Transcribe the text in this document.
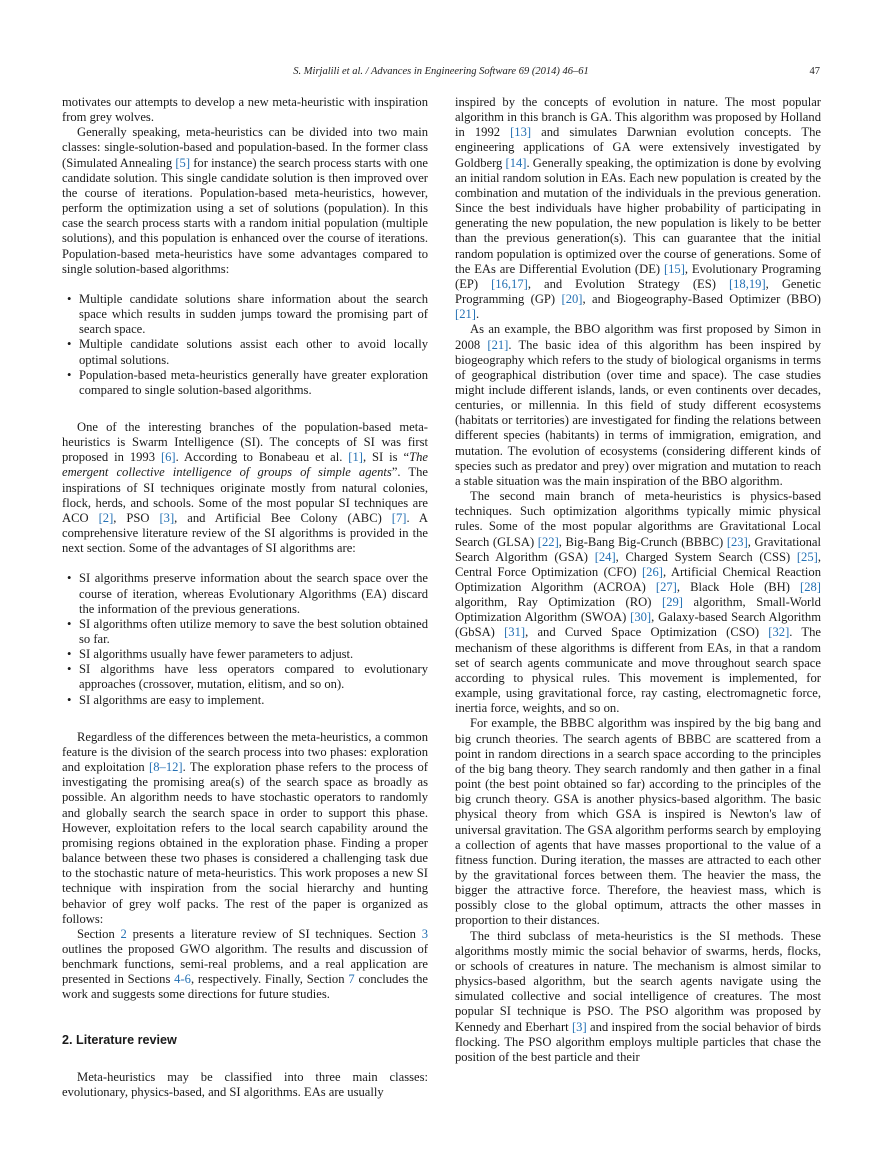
S. Mirjalili et al. / Advances in Engineering Software 69 (2014) 46–61	47

motivates our attempts to develop a new meta-heuristic with inspiration from grey wolves.

Generally speaking, meta-heuristics can be divided into two main classes: single-solution-based and population-based. In the former class (Simulated Annealing [5] for instance) the search process starts with one candidate solution. This single candidate solution is then improved over the course of iterations. Population-based meta-heuristics, however, perform the optimization using a set of solutions (population). In this case the search process starts with a random initial population (multiple solutions), and this population is enhanced over the course of iterations. Population-based meta-heuristics have some advantages compared to single solution-based algorithms:

• Multiple candidate solutions share information about the search space which results in sudden jumps toward the promising part of search space.
• Multiple candidate solutions assist each other to avoid locally optimal solutions.
• Population-based meta-heuristics generally have greater exploration compared to single solution-based algorithms.

One of the interesting branches of the population-based meta-heuristics is Swarm Intelligence (SI). The concepts of SI was first proposed in 1993 [6]. According to Bonabeau et al. [1], SI is “The emergent collective intelligence of groups of simple agents”. The inspirations of SI techniques originate mostly from natural colonies, flock, herds, and schools. Some of the most popular SI techniques are ACO [2], PSO [3], and Artificial Bee Colony (ABC) [7]. A comprehensive literature review of the SI algorithms is provided in the next section. Some of the advantages of SI algorithms are:

• SI algorithms preserve information about the search space over the course of iteration, whereas Evolutionary Algorithms (EA) discard the information of the previous generations.
• SI algorithms often utilize memory to save the best solution obtained so far.
• SI algorithms usually have fewer parameters to adjust.
• SI algorithms have less operators compared to evolutionary approaches (crossover, mutation, elitism, and so on).
• SI algorithms are easy to implement.

Regardless of the differences between the meta-heuristics, a common feature is the division of the search process into two phases: exploration and exploitation [8–12]. The exploration phase refers to the process of investigating the promising area(s) of the search space as broadly as possible. An algorithm needs to have stochastic operators to randomly and globally search the search space in order to support this phase. However, exploitation refers to the local search capability around the promising regions obtained in the exploration phase. Finding a proper balance between these two phases is considered a challenging task due to the stochastic nature of meta-heuristics. This work proposes a new SI technique with inspiration from the social hierarchy and hunting behavior of grey wolf packs. The rest of the paper is organized as follows:

Section 2 presents a literature review of SI techniques. Section 3 outlines the proposed GWO algorithm. The results and discussion of benchmark functions, semi-real problems, and a real application are presented in Sections 4-6, respectively. Finally, Section 7 concludes the work and suggests some directions for future studies.

2. Literature review

Meta-heuristics may be classified into three main classes: evolutionary, physics-based, and SI algorithms. EAs are usually

inspired by the concepts of evolution in nature. The most popular algorithm in this branch is GA. This algorithm was proposed by Holland in 1992 [13] and simulates Darwnian evolution concepts. The engineering applications of GA were extensively investigated by Goldberg [14]. Generally speaking, the optimization is done by evolving an initial random solution in EAs. Each new population is created by the combination and mutation of the individuals in the previous generation. Since the best individuals have higher probability of participating in generating the new population, the new population is likely to be better than the previous generation(s). This can guarantee that the initial random population is optimized over the course of generations. Some of the EAs are Differential Evolution (DE) [15], Evolutionary Programing (EP) [16,17], and Evolution Strategy (ES) [18,19], Genetic Programming (GP) [20], and Biogeography-Based Optimizer (BBO) [21].

As an example, the BBO algorithm was first proposed by Simon in 2008 [21]. The basic idea of this algorithm has been inspired by biogeography which refers to the study of biological organisms in terms of geographical distribution (over time and space). The case studies might include different islands, lands, or even continents over decades, centuries, or millennia. In this field of study different ecosystems (habitats or territories) are investigated for finding the relations between different species (habitants) in terms of immigration, emigration, and mutation. The evolution of ecosystems (considering different kinds of species such as predator and prey) over migration and mutation to reach a stable situation was the main inspiration of the BBO algorithm.

The second main branch of meta-heuristics is physics-based techniques. Such optimization algorithms typically mimic physical rules. Some of the most popular algorithms are Gravitational Local Search (GLSA) [22], Big-Bang Big-Crunch (BBBC) [23], Gravitational Search Algorithm (GSA) [24], Charged System Search (CSS) [25], Central Force Optimization (CFO) [26], Artificial Chemical Reaction Optimization Algorithm (ACROA) [27], Black Hole (BH) [28] algorithm, Ray Optimization (RO) [29] algorithm, Small-World Optimization Algorithm (SWOA) [30], Galaxy-based Search Algorithm (GbSA) [31], and Curved Space Optimization (CSO) [32]. The mechanism of these algorithms is different from EAs, in that a random set of search agents communicate and move throughout search space according to physical rules. This movement is implemented, for example, using gravitational force, ray casting, electromagnetic force, inertia force, weights, and so on.

For example, the BBBC algorithm was inspired by the big bang and big crunch theories. The search agents of BBBC are scattered from a point in random directions in a search space according to the principles of the big bang theory. They search randomly and then gather in a final point (the best point obtained so far) according to the principles of the big crunch theory. GSA is another physics-based algorithm. The basic physical theory from which GSA is inspired is Newton's law of universal gravitation. The GSA algorithm performs search by employing a collection of agents that have masses proportional to the value of a fitness function. During iteration, the masses are attracted to each other by the gravitational forces between them. The heavier the mass, the bigger the attractive force. Therefore, the heaviest mass, which is possibly close to the global optimum, attracts the other masses in proportion to their distances.

The third subclass of meta-heuristics is the SI methods. These algorithms mostly mimic the social behavior of swarms, herds, flocks, or schools of creatures in nature. The mechanism is almost similar to physics-based algorithm, but the search agents navigate using the simulated collective and social intelligence of creatures. The most popular SI technique is PSO. The PSO algorithm was proposed by Kennedy and Eberhart [3] and inspired from the social behavior of birds flocking. The PSO algorithm employs multiple particles that chase the position of the best particle and their
